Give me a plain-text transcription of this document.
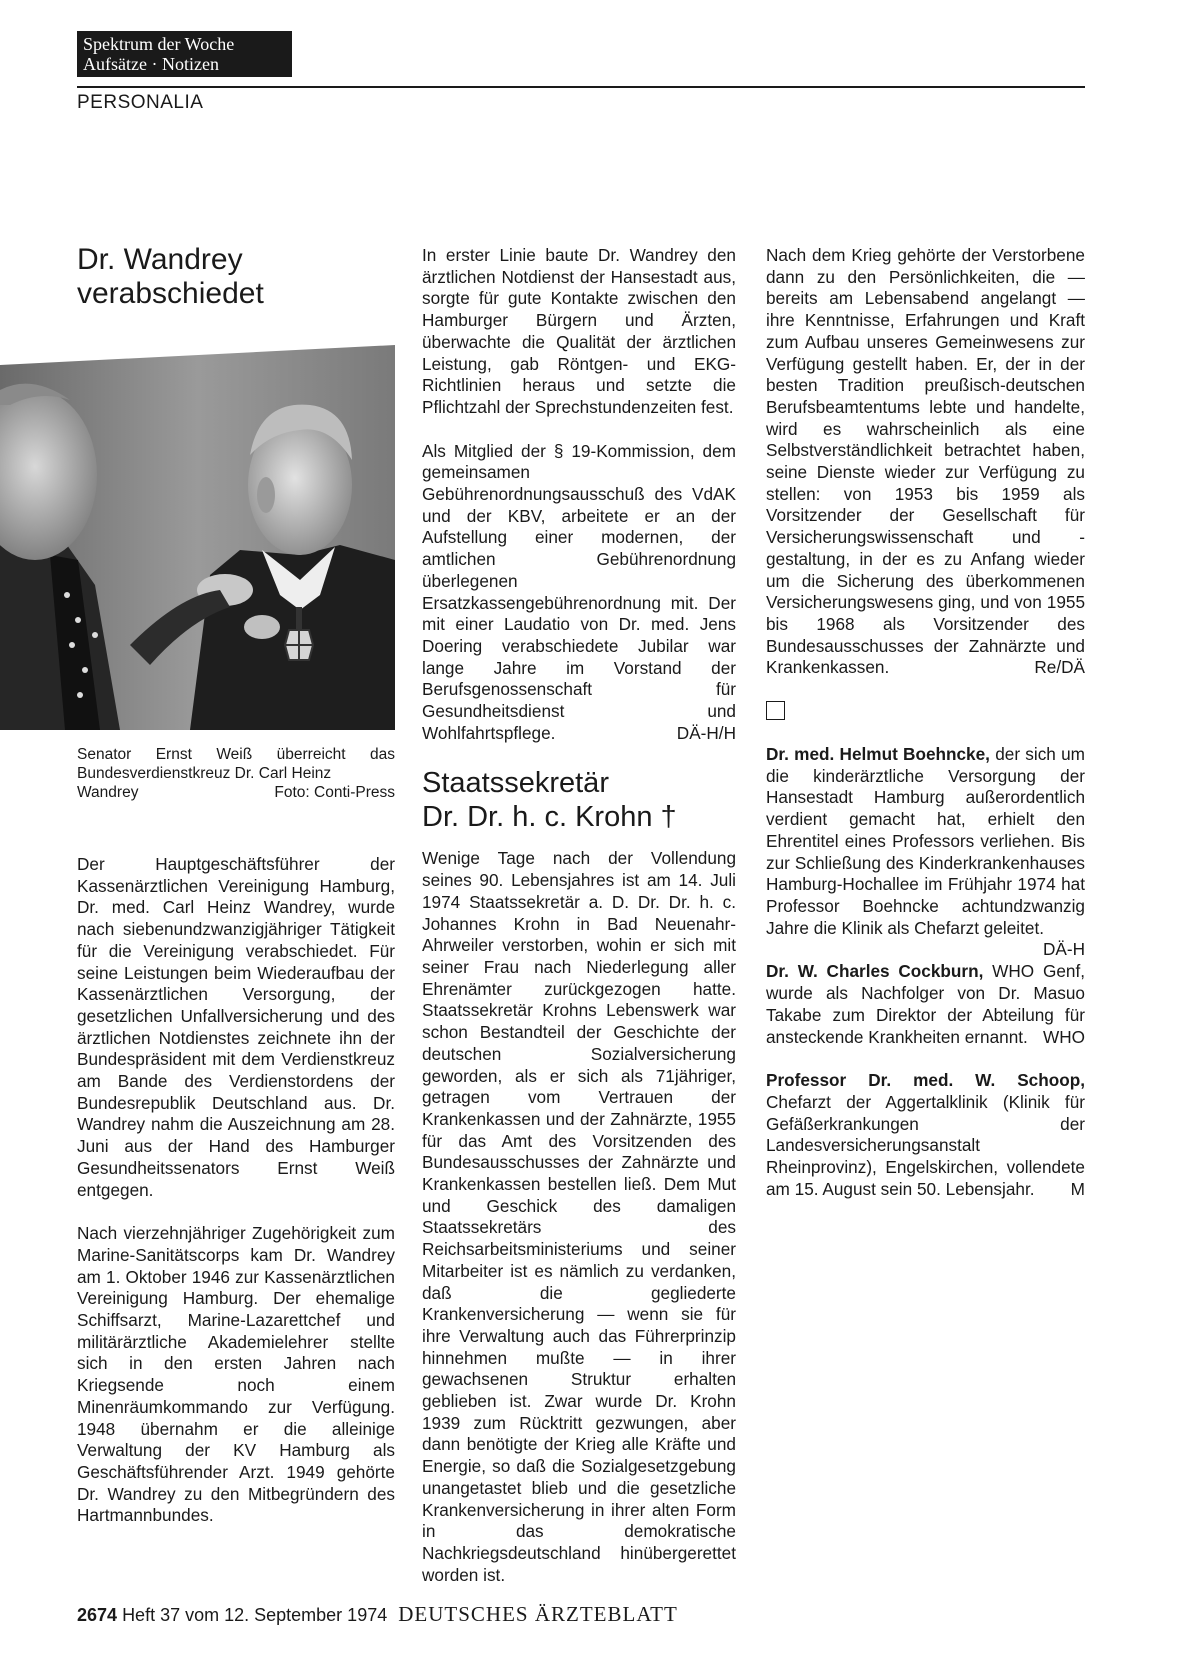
Spektrum der Woche
Aufsätze · Notizen
PERSONALIA
Dr. Wandrey
verabschiedet
Senator Ernst Weiß überreicht das Bundesverdienstkreuz Dr. Carl Heinz
Wandrey	Foto: Conti-Press

Der Hauptgeschäftsführer der Kassenärztlichen Vereinigung Hamburg, Dr. med. Carl Heinz Wandrey, wurde nach siebenundzwanzigjähriger Tätigkeit für die Vereinigung verabschiedet. Für seine Leistungen beim Wiederaufbau der Kassenärztlichen Versorgung, der gesetzlichen Unfallversicherung und des ärztlichen Notdienstes zeichnete ihn der Bundespräsident mit dem Verdienstkreuz am Bande des Verdienstordens der Bundesrepublik Deutschland aus. Dr. Wandrey nahm die Auszeichnung am 28. Juni aus der Hand des Hamburger Gesundheitssenators Ernst Weiß entgegen.

Nach vierzehnjähriger Zugehörigkeit zum Marine-Sanitätscorps kam Dr. Wandrey am 1. Oktober 1946 zur Kassenärztlichen Vereinigung Hamburg. Der ehemalige Schiffsarzt, Marine-Lazarettchef und militärärztliche Akademielehrer stellte sich in den ersten Jahren nach Kriegsende noch einem Minenräumkommando zur Verfügung. 1948 übernahm er die alleinige Verwaltung der KV Hamburg als Geschäftsführender Arzt. 1949 gehörte Dr. Wandrey zu den Mitbegründern des Hartmannbundes.

In erster Linie baute Dr. Wandrey den ärztlichen Notdienst der Hansestadt aus, sorgte für gute Kontakte zwischen den Hamburger Bürgern und Ärzten, überwachte die Qualität der ärztlichen Leistung, gab Röntgen- und EKG-Richtlinien heraus und setzte die Pflichtzahl der Sprechstundenzeiten fest.

Als Mitglied der § 19-Kommission, dem gemeinsamen Gebührenordnungsausschuß des VdAK und der KBV, arbeitete er an der Aufstellung einer modernen, der amtlichen Gebührenordnung überlegenen Ersatzkassengebührenordnung mit. Der mit einer Laudatio von Dr. med. Jens Doering verabschiedete Jubilar war lange Jahre im Vorstand der Berufsgenossenschaft für Gesundheitsdienst und Wohlfahrtspflege.	DÄ-H/H

Staatssekretär
Dr. Dr. h. c. Krohn †

Wenige Tage nach der Vollendung seines 90. Lebensjahres ist am 14. Juli 1974 Staatssekretär a. D. Dr. Dr. h. c. Johannes Krohn in Bad Neuenahr-Ahrweiler verstorben, wohin er sich mit seiner Frau nach Niederlegung aller Ehrenämter zurückgezogen hatte. Staatssekretär Krohns Lebenswerk war schon Bestandteil der Geschichte der deutschen Sozialversicherung geworden, als er sich als 71jähriger, getragen vom Vertrauen der Krankenkassen und der Zahnärzte, 1955 für das Amt des Vorsitzenden des Bundesausschusses der Zahnärzte und Krankenkassen bestellen ließ. Dem Mut und Geschick des damaligen Staatssekretärs des Reichsarbeitsministeriums und seiner Mitarbeiter ist es nämlich zu verdanken, daß die gegliederte Krankenversicherung — wenn sie für ihre Verwaltung auch das Führerprinzip hinnehmen mußte — in ihrer gewachsenen Struktur erhalten geblieben ist. Zwar wurde Dr. Krohn 1939 zum Rücktritt gezwungen, aber dann benötigte der Krieg alle Kräfte und Energie, so daß die Sozialgesetzgebung unangetastet blieb und die gesetzliche Krankenversicherung in ihrer alten Form in das demokratische Nachkriegsdeutschland hinübergerettet worden ist.

Nach dem Krieg gehörte der Verstorbene dann zu den Persönlichkeiten, die — bereits am Lebensabend angelangt — ihre Kenntnisse, Erfahrungen und Kraft zum Aufbau unseres Gemeinwesens zur Verfügung gestellt haben. Er, der in der besten Tradition preußisch-deutschen Berufsbeamtentums lebte und handelte, wird es wahrscheinlich als eine Selbstverständlichkeit betrachtet haben, seine Dienste wieder zur Verfügung zu stellen: von 1953 bis 1959 als Vorsitzender der Gesellschaft für Versicherungswissenschaft und -gestaltung, in der es zu Anfang wieder um die Sicherung des überkommenen Versicherungswesens ging, und von 1955 bis 1968 als Vorsitzender des Bundesausschusses der Zahnärzte und Krankenkassen.	Re/DÄ

Dr. med. Helmut Boehncke, der sich um die kinderärztliche Versorgung der Hansestadt Hamburg außerordentlich verdient gemacht hat, erhielt den Ehrentitel eines Professors verliehen. Bis zur Schließung des Kinderkrankenhauses Hamburg-Hochallee im Frühjahr 1974 hat Professor Boehncke achtundzwanzig Jahre die Klinik als Chefarzt geleitet.
DÄ-H

Dr. W. Charles Cockburn, WHO Genf, wurde als Nachfolger von Dr. Masuo Takabe zum Direktor der Abteilung für ansteckende Krankheiten ernannt. WHO

Professor Dr. med. W. Schoop, Chefarzt der Aggertalklinik (Klinik für Gefäßerkrankungen der Landesversicherungsanstalt Rheinprovinz), Engelskirchen, vollendete am 15. August sein 50. Lebensjahr. M

2674 Heft 37 vom 12. September 1974 DEUTSCHES ÄRZTEBLATT
